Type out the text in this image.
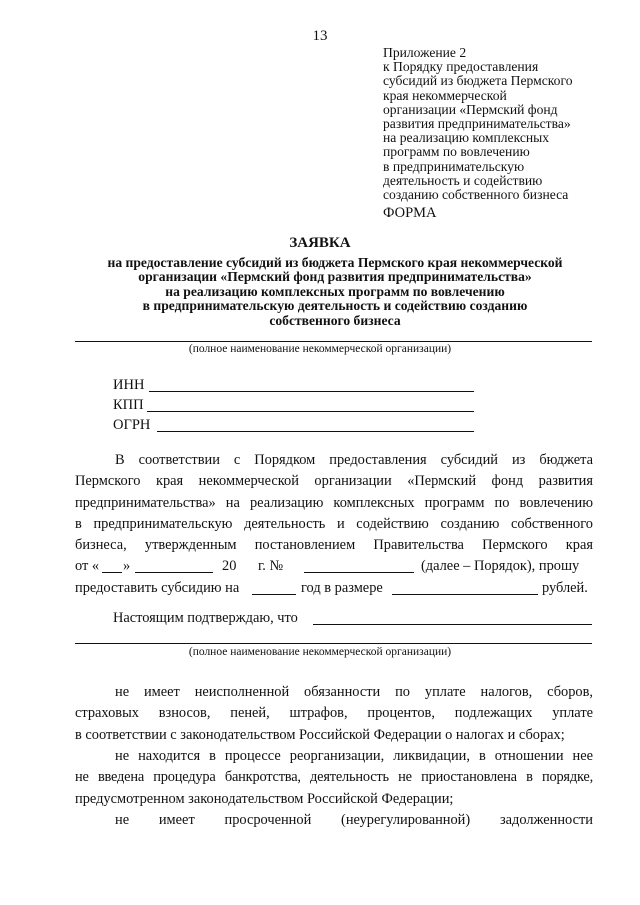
13
Приложение 2
к Порядку предоставления
субсидий из бюджета Пермского
края некоммерческой
организации «Пермский фонд
развития предпринимательства»
на реализацию комплексных
программ по вовлечению
в предпринимательскую
деятельность и содействию
созданию собственного бизнеса
ФОРМА
ЗАЯВКА
на предоставление субсидий из бюджета Пермского края некоммерческой
организации «Пермский фонд развития предпринимательства»
на реализацию комплексных программ по вовлечению
в предпринимательскую деятельность и содействию созданию
собственного бизнеса
(полное наименование некоммерческой организации)
ИНН
КПП
ОГРН
В соответствии с Порядком предоставления субсидий из бюджета
Пермского края некоммерческой организации «Пермский фонд развития
предпринимательства» на реализацию комплексных программ по вовлечению
в предпринимательскую деятельность и содействию созданию собственного
бизнеса, утвержденным постановлением Правительства Пермского края
от « »	20 г. №	(далее – Порядок), прошу
предоставить субсидию на	год в размере	рублей.
Настоящим подтверждаю, что
(полное наименование некоммерческой организации)
не имеет неисполненной обязанности по уплате налогов, сборов,
страховых взносов, пеней, штрафов, процентов, подлежащих уплате
в соответствии с законодательством Российской Федерации о налогах и сборах;
не находится в процессе реорганизации, ликвидации, в отношении нее
не введена процедура банкротства, деятельность не приостановлена в порядке,
предусмотренном законодательством Российской Федерации;
не имеет просроченной (неурегулированной) задолженности
